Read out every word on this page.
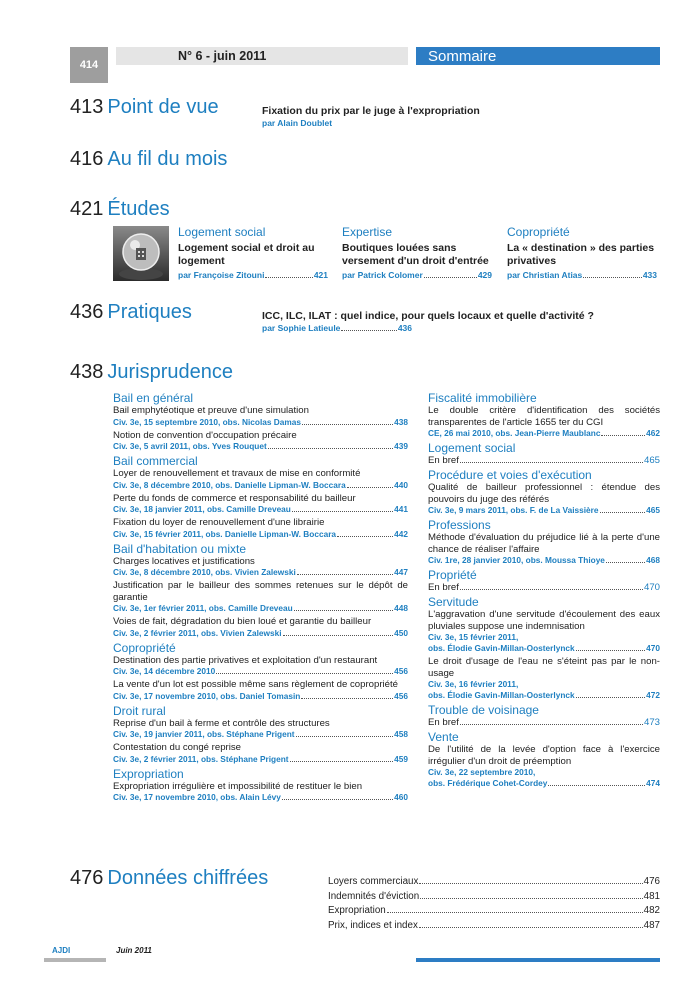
414
N° 6 - juin 2011	Sommaire
413 Point de vue	Fixation du prix par le juge à l'expropriation
par Alain Doublet
416 Au fil du mois
421 Études
Logement social
Logement social et droit au logement
par Françoise Zitouni	421
Expertise
Boutiques louées sans versement d'un droit d'entrée
par Patrick Colomer	429
Copropriété
La « destination » des parties privatives
par Christian Atias	433
436 Pratiques	ICC, ILC, ILAT : quel indice, pour quels locaux et quelle d'activité ?
par Sophie Latieule	436
438 Jurisprudence
Bail en général
Bail emphytéotique et preuve d'une simulation
Civ. 3e, 15 septembre 2010, obs. Nicolas Damas	438
Notion de convention d'occupation précaire
Civ. 3e, 5 avril 2011, obs. Yves Rouquet	439
Bail commercial
Loyer de renouvellement et travaux de mise en conformité
Civ. 3e, 8 décembre 2010, obs. Danielle Lipman-W. Boccara	440
Perte du fonds de commerce et responsabilité du bailleur
Civ. 3e, 18 janvier 2011, obs. Camille Dreveau	441
Fixation du loyer de renouvellement d'une librairie
Civ. 3e, 15 février 2011, obs. Danielle Lipman-W. Boccara	442
Bail d'habitation ou mixte
Charges locatives et justifications
Civ. 3e, 8 décembre 2010, obs. Vivien Zalewski	447
Justification par le bailleur des sommes retenues sur le dépôt de garantie
Civ. 3e, 1er février 2011, obs. Camille Dreveau	448
Voies de fait, dégradation du bien loué et garantie du bailleur
Civ. 3e, 2 février 2011, obs. Vivien Zalewski	450
Copropriété
Destination des partie privatives et exploitation d'un restaurant
Civ. 3e, 14 décembre 2010	456
La vente d'un lot est possible même sans règlement de copropriété
Civ. 3e, 17 novembre 2010, obs. Daniel Tomasin	456
Droit rural
Reprise d'un bail à ferme et contrôle des structures
Civ. 3e, 19 janvier 2011, obs. Stéphane Prigent	458
Contestation du congé reprise
Civ. 3e, 2 février 2011, obs. Stéphane Prigent	459
Expropriation
Expropriation irrégulière et impossibilité de restituer le bien
Civ. 3e, 17 novembre 2010, obs. Alain Lévy	460
Fiscalité immobilière
Le double critère d'identification des sociétés transparentes de l'article 1655 ter du CGI
CE, 26 mai 2010, obs. Jean-Pierre Maublanc	462
Logement social
En bref	465
Procédure et voies d'exécution
Qualité de bailleur professionnel : étendue des pouvoirs du juge des référés
Civ. 3e, 9 mars 2011, obs. F. de La Vaissière	465
Professions
Méthode d'évaluation du préjudice lié à la perte d'une chance de réaliser l'affaire
Civ. 1re, 28 janvier 2010, obs. Moussa Thioye	468
Propriété
En bref	470
Servitude
L'aggravation d'une servitude d'écoulement des eaux pluviales suppose une indemnisation
Civ. 3e, 15 février 2011,
obs. Élodie Gavin-Millan-Oosterlynck	470
Le droit d'usage de l'eau ne s'éteint pas par le non-usage
Civ. 3e, 16 février 2011,
obs. Élodie Gavin-Millan-Oosterlynck	472
Trouble de voisinage
En bref	473
Vente
De l'utilité de la levée d'option face à l'exercice irrégulier d'un droit de préemption
Civ. 3e, 22 septembre 2010,
obs. Frédérique Cohet-Cordey	474
476 Données chiffrées	Loyers commerciaux	476
Indemnités d'éviction	481
Expropriation	482
Prix, indices et index	487
AJDI	Juin 2011
